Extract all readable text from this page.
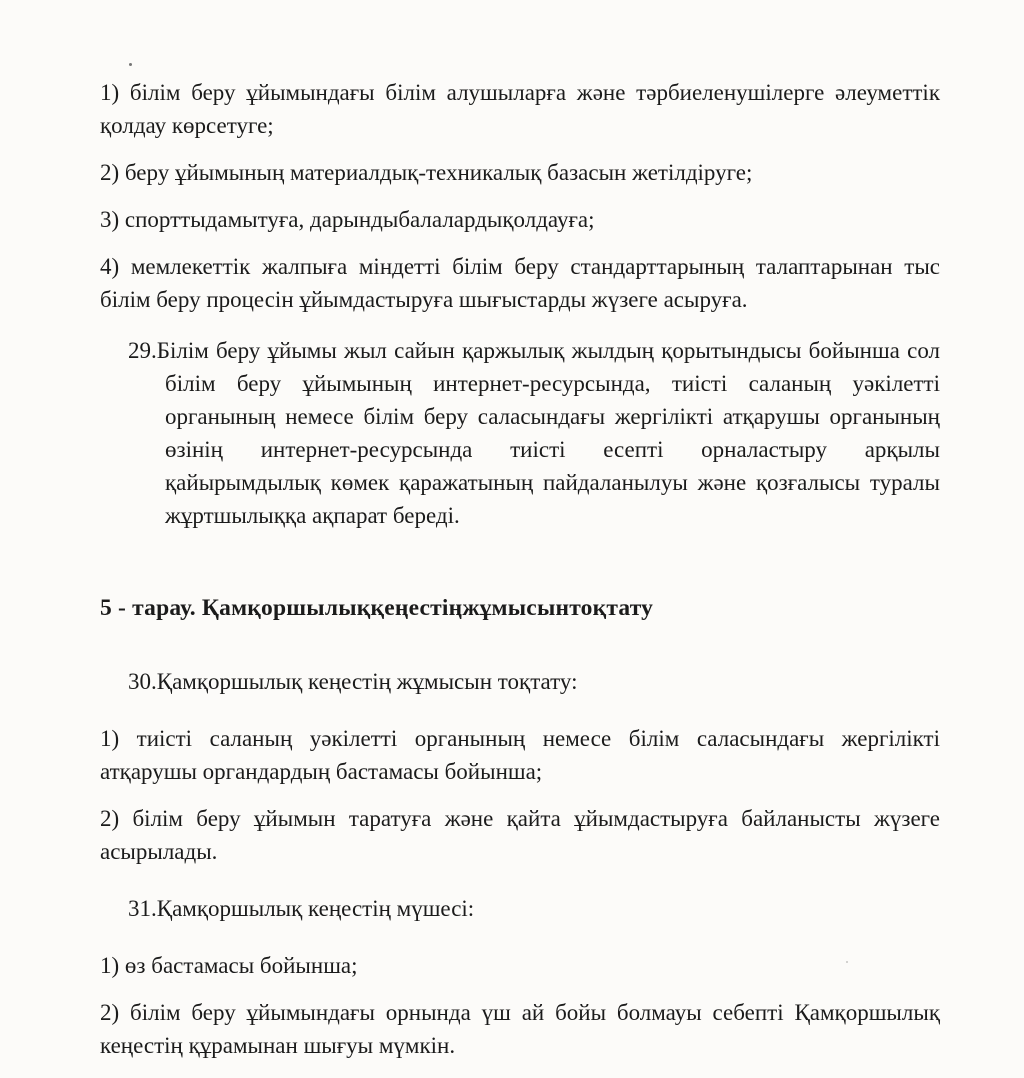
1) білім беру ұйымындағы білім алушыларға және тәрбиеленушілерге әлеуметтік қолдау көрсетуге;

2) беру ұйымының материалдық-техникалық базасын жетілдіруге;

3) спорттыдамытуға, дарындыбалалардықолдауға;

4) мемлекеттік жалпыға міндетті білім беру стандарттарының талаптарынан тыс білім беру процесін ұйымдастыруға шығыстарды жүзеге асыруға.

29.Білім беру ұйымы жыл сайын қаржылық жылдың қорытындысы бойынша сол білім беру ұйымының интернет-ресурсында, тиісті саланың уәкілетті органының немесе білім беру саласындағы жергілікті атқарушы органының өзінің интернет-ресурсында тиісті есепті орналастыру арқылы қайырымдылық көмек қаражатының пайдаланылуы және қозғалысы туралы жұртшылыққа ақпарат береді.

5 - тарау. Қамқоршылыққеңестіңжұмысынтоқтату

30.Қамқоршылық кеңестің жұмысын тоқтату:

1) тиісті саланың уәкілетті органының немесе білім саласындағы жергілікті атқарушы органдардың бастамасы бойынша;

2) білім беру ұйымын таратуға және қайта ұйымдастыруға байланысты жүзеге асырылады.

31.Қамқоршылық кеңестің мүшесі:

1) өз бастамасы бойынша;

2) білім беру ұйымындағы орнында үш ай бойы болмауы себепті Қамқоршылық кеңестің құрамынан шығуы мүмкін.
